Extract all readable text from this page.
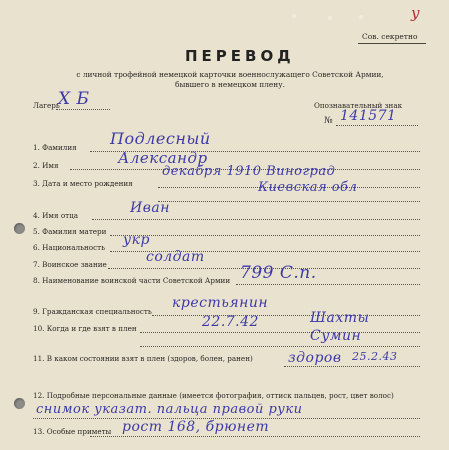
у
Сов. секретно
ПЕРЕВОД
с личной трофейной немецкой карточки военнослужащего Советской Армии,
бывшего в немецком плену.
Лагерь
X Б	Опознавательный знак
№ 141571
1. Фамилия Подлесный
2. Имя	Александр
3. Дата и место рождения
декабря 1910 Виноград
Киевская обл
4. Имя отца	Иван
5. Фамилия матери
6. Национальность укр
7. Воинское звание	солдат
8. Наименование воинской части Советской Армии 799 С.п.
9. Гражданская специальность
крестьянин
10. Когда и где взят в плен	22.7.42	Шахты
Сумин
11. В каком состоянии взят в плен (здоров, болен, ранен)	здоров 25.2.43
12. Подробные персональные данные (имеется фотография, оттиск пальцев, рост, цвет волос)
снимок указат. пальца правой руки
13. Особые приметы рост 168, брюнет
